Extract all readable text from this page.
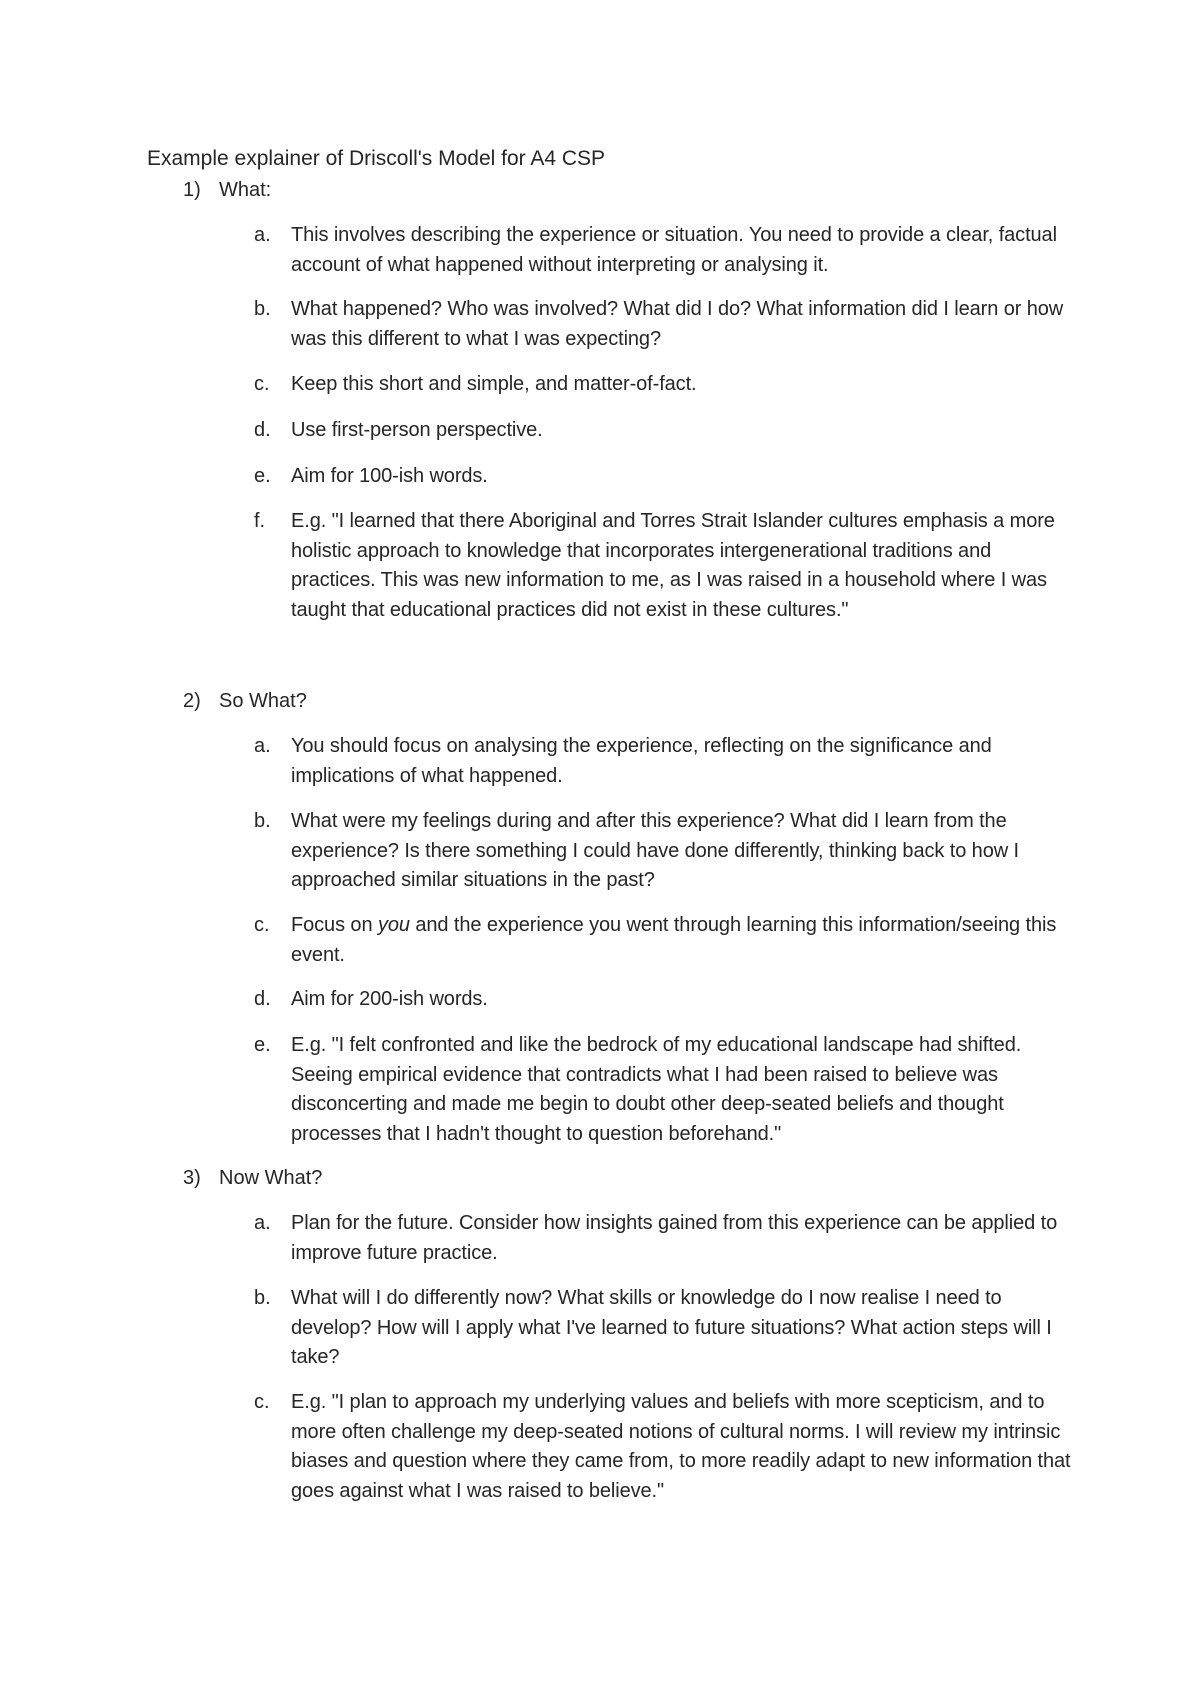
Example explainer of Driscoll's Model for A4 CSP
1) What:
a.	This involves describing the experience or situation. You need to provide a clear, factual account of what happened without interpreting or analysing it.
b.	What happened? Who was involved? What did I do? What information did I learn or how was this different to what I was expecting?
c.	Keep this short and simple, and matter-of-fact.
d.	Use first-person perspective.
e.	Aim for 100-ish words.
f.	E.g. "I learned that there Aboriginal and Torres Strait Islander cultures emphasis a more holistic approach to knowledge that incorporates intergenerational traditions and practices. This was new information to me, as I was raised in a household where I was taught that educational practices did not exist in these cultures."
2) So What?
a.	You should focus on analysing the experience, reflecting on the significance and implications of what happened.
b.	What were my feelings during and after this experience? What did I learn from the experience? Is there something I could have done differently, thinking back to how I approached similar situations in the past?
c.	Focus on you and the experience you went through learning this information/seeing this event.
d.	Aim for 200-ish words.
e.	E.g. "I felt confronted and like the bedrock of my educational landscape had shifted. Seeing empirical evidence that contradicts what I had been raised to believe was disconcerting and made me begin to doubt other deep-seated beliefs and thought processes that I hadn't thought to question beforehand."
3) Now What?
a.	Plan for the future. Consider how insights gained from this experience can be applied to improve future practice.
b.	What will I do differently now? What skills or knowledge do I now realise I need to develop? How will I apply what I've learned to future situations? What action steps will I take?
c.	E.g. "I plan to approach my underlying values and beliefs with more scepticism, and to more often challenge my deep-seated notions of cultural norms. I will review my intrinsic biases and question where they came from, to more readily adapt to new information that goes against what I was raised to believe."
